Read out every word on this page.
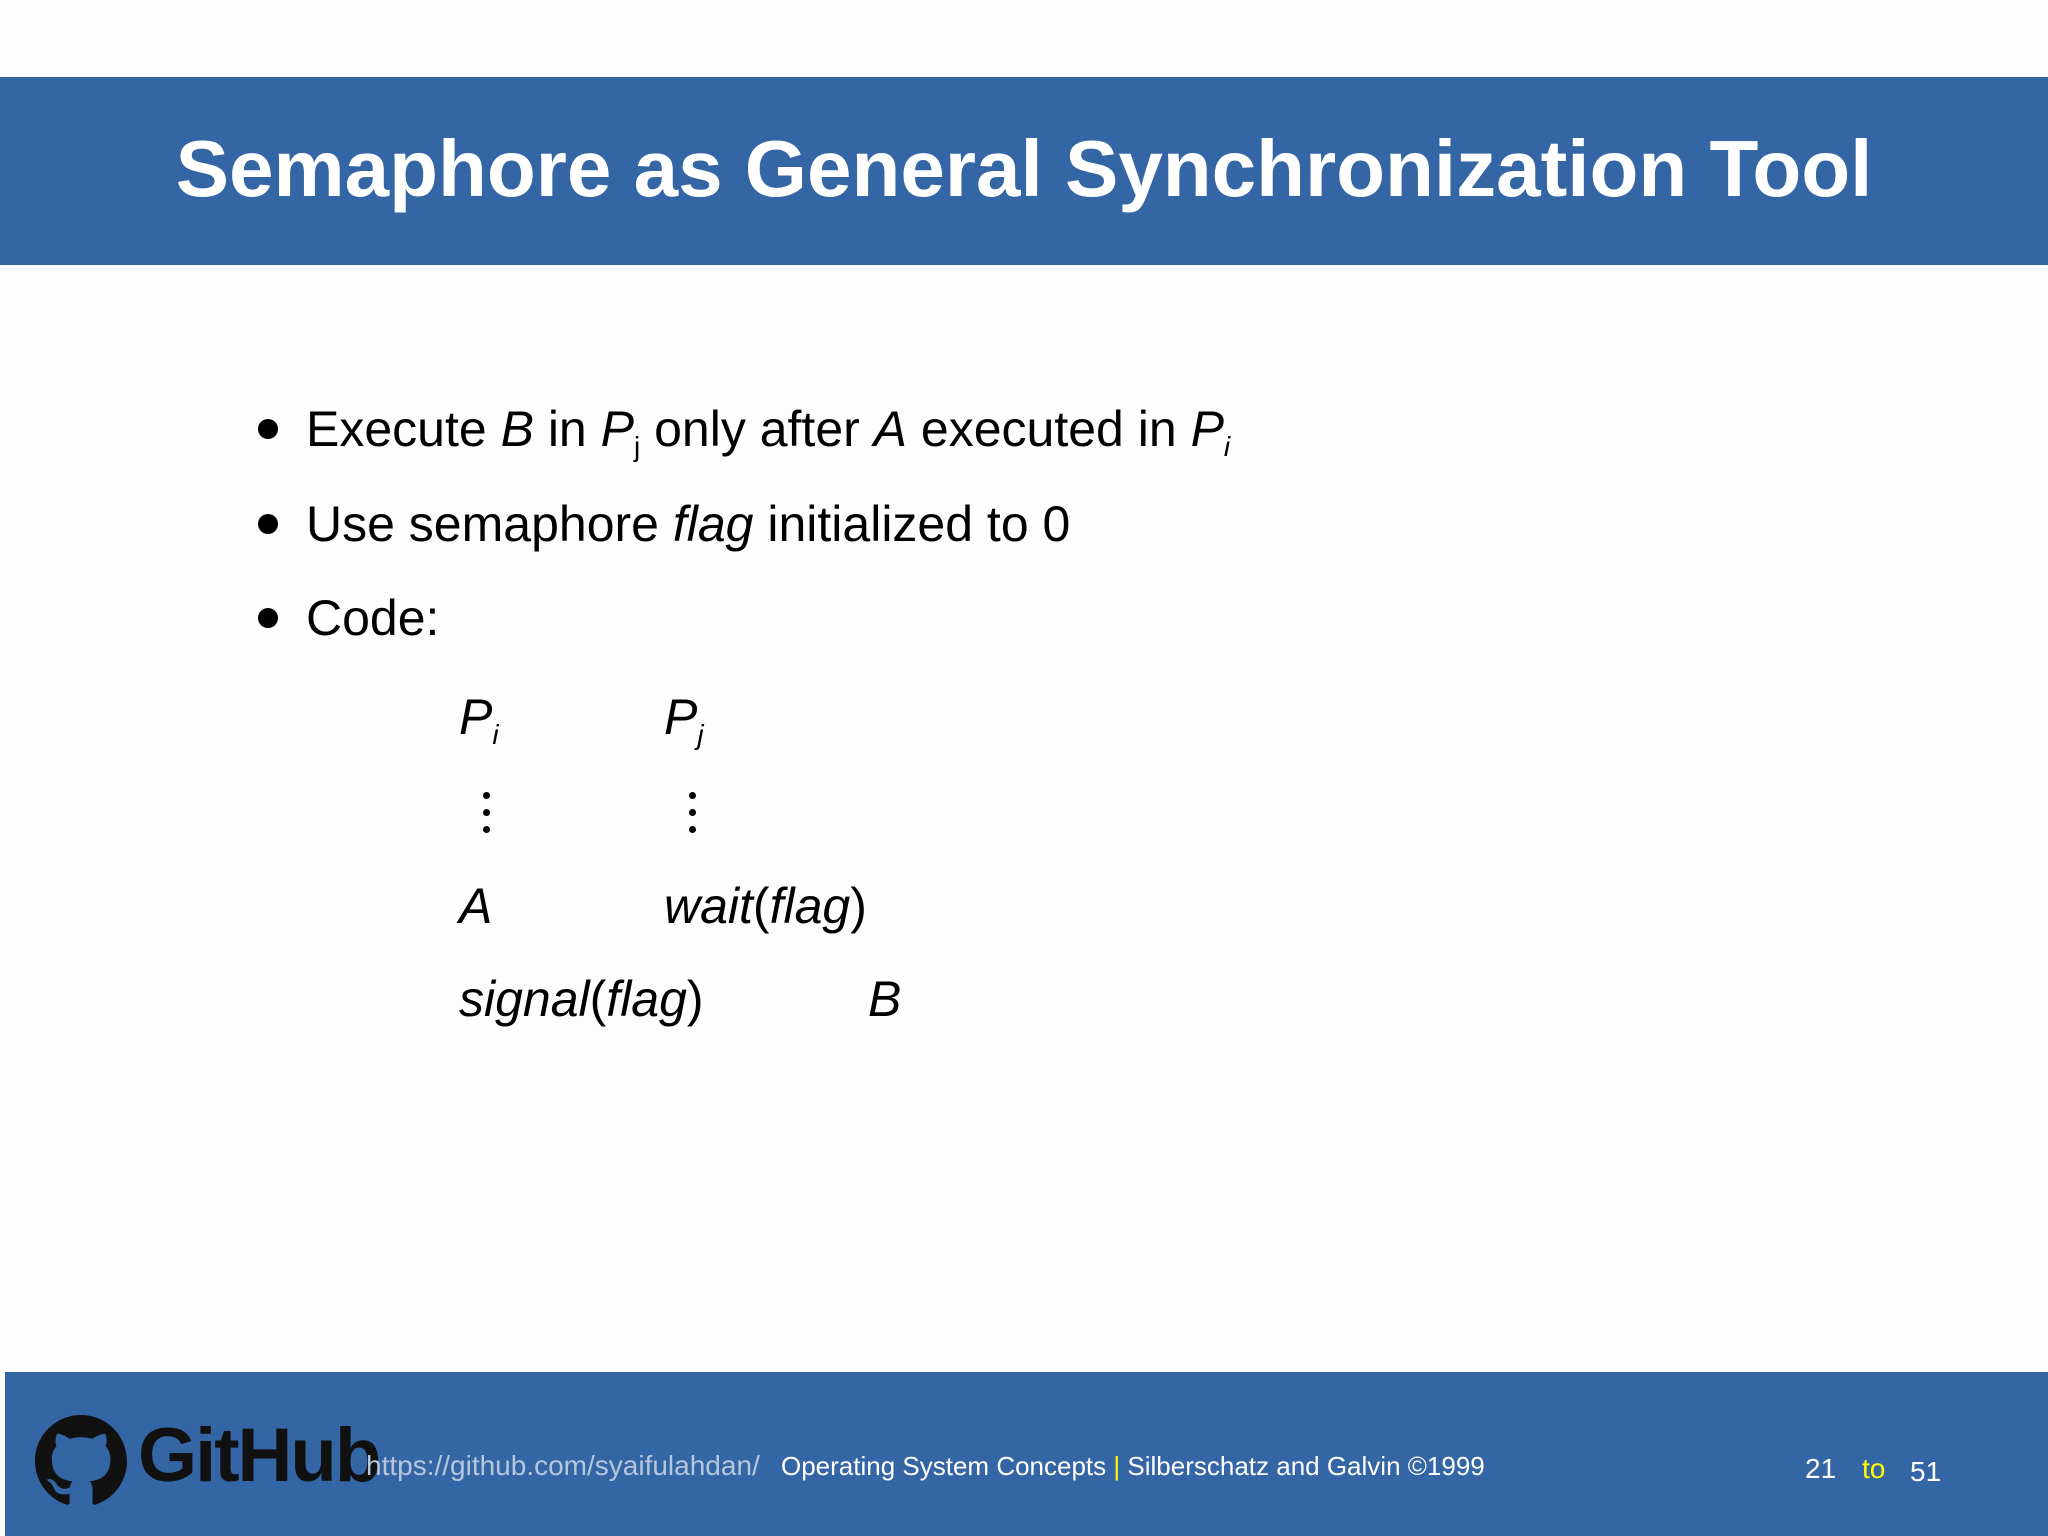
Semaphore as General Synchronization Tool
Execute B in $P_j$ only after A executed in $P_i$
Use semaphore flag initialized to 0
Code:
$P_i$	$P_j$
A	wait(flag)
signal(flag)	B
GitHub
https://github.com/syaifulahdan/ Operating System Concepts | Silberschatz and Galvin ©1999	21 to 51
